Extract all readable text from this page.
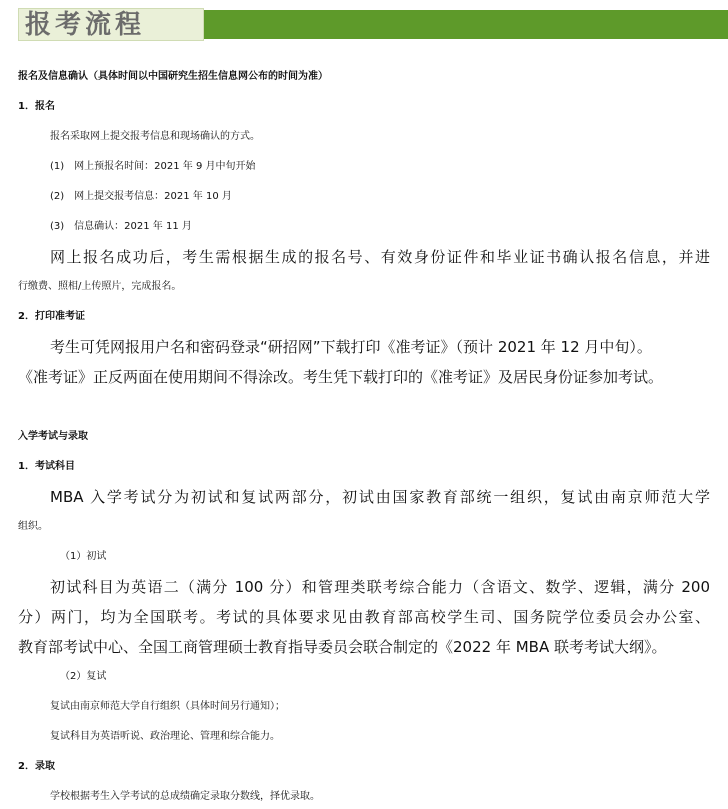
报考流程
报名及信息确认（具体时间以中国研究生招生信息网公布的时间为准）
1．报名
报名采取网上提交报考信息和现场确认的方式。
(1)　网上预报名时间：2021 年 9 月中旬开始
(2)　网上提交报考信息：2021 年 10 月
(3)　信息确认：2021 年 11 月
网上报名成功后，考生需根据生成的报名号、有效身份证件和毕业证书确认报名信息，并进
行缴费、照相/上传照片，完成报名。
2．打印准考证
考生可凭网报用户名和密码登录“研招网”下载打印《准考证》（预计 2021 年 12 月中旬）。
《准考证》正反两面在使用期间不得涂改。考生凭下载打印的《准考证》及居民身份证参加考试。
入学考试与录取
1．考试科目
MBA 入学考试分为初试和复试两部分，初试由国家教育部统一组织，复试由南京师范大学
组织。
（1）初试
初试科目为英语二（满分 100 分）和管理类联考综合能力（含语文、数学、逻辑，满分 200
分）两门，均为全国联考。考试的具体要求见由教育部高校学生司、国务院学位委员会办公室、
教育部考试中心、全国工商管理硕士教育指导委员会联合制定的《2022 年 MBA 联考考试大纲》。
（2）复试
复试由南京师范大学自行组织（具体时间另行通知）；
复试科目为英语听说、政治理论、管理和综合能力。
2．录取
学校根据考生入学考试的总成绩确定录取分数线，择优录取。
